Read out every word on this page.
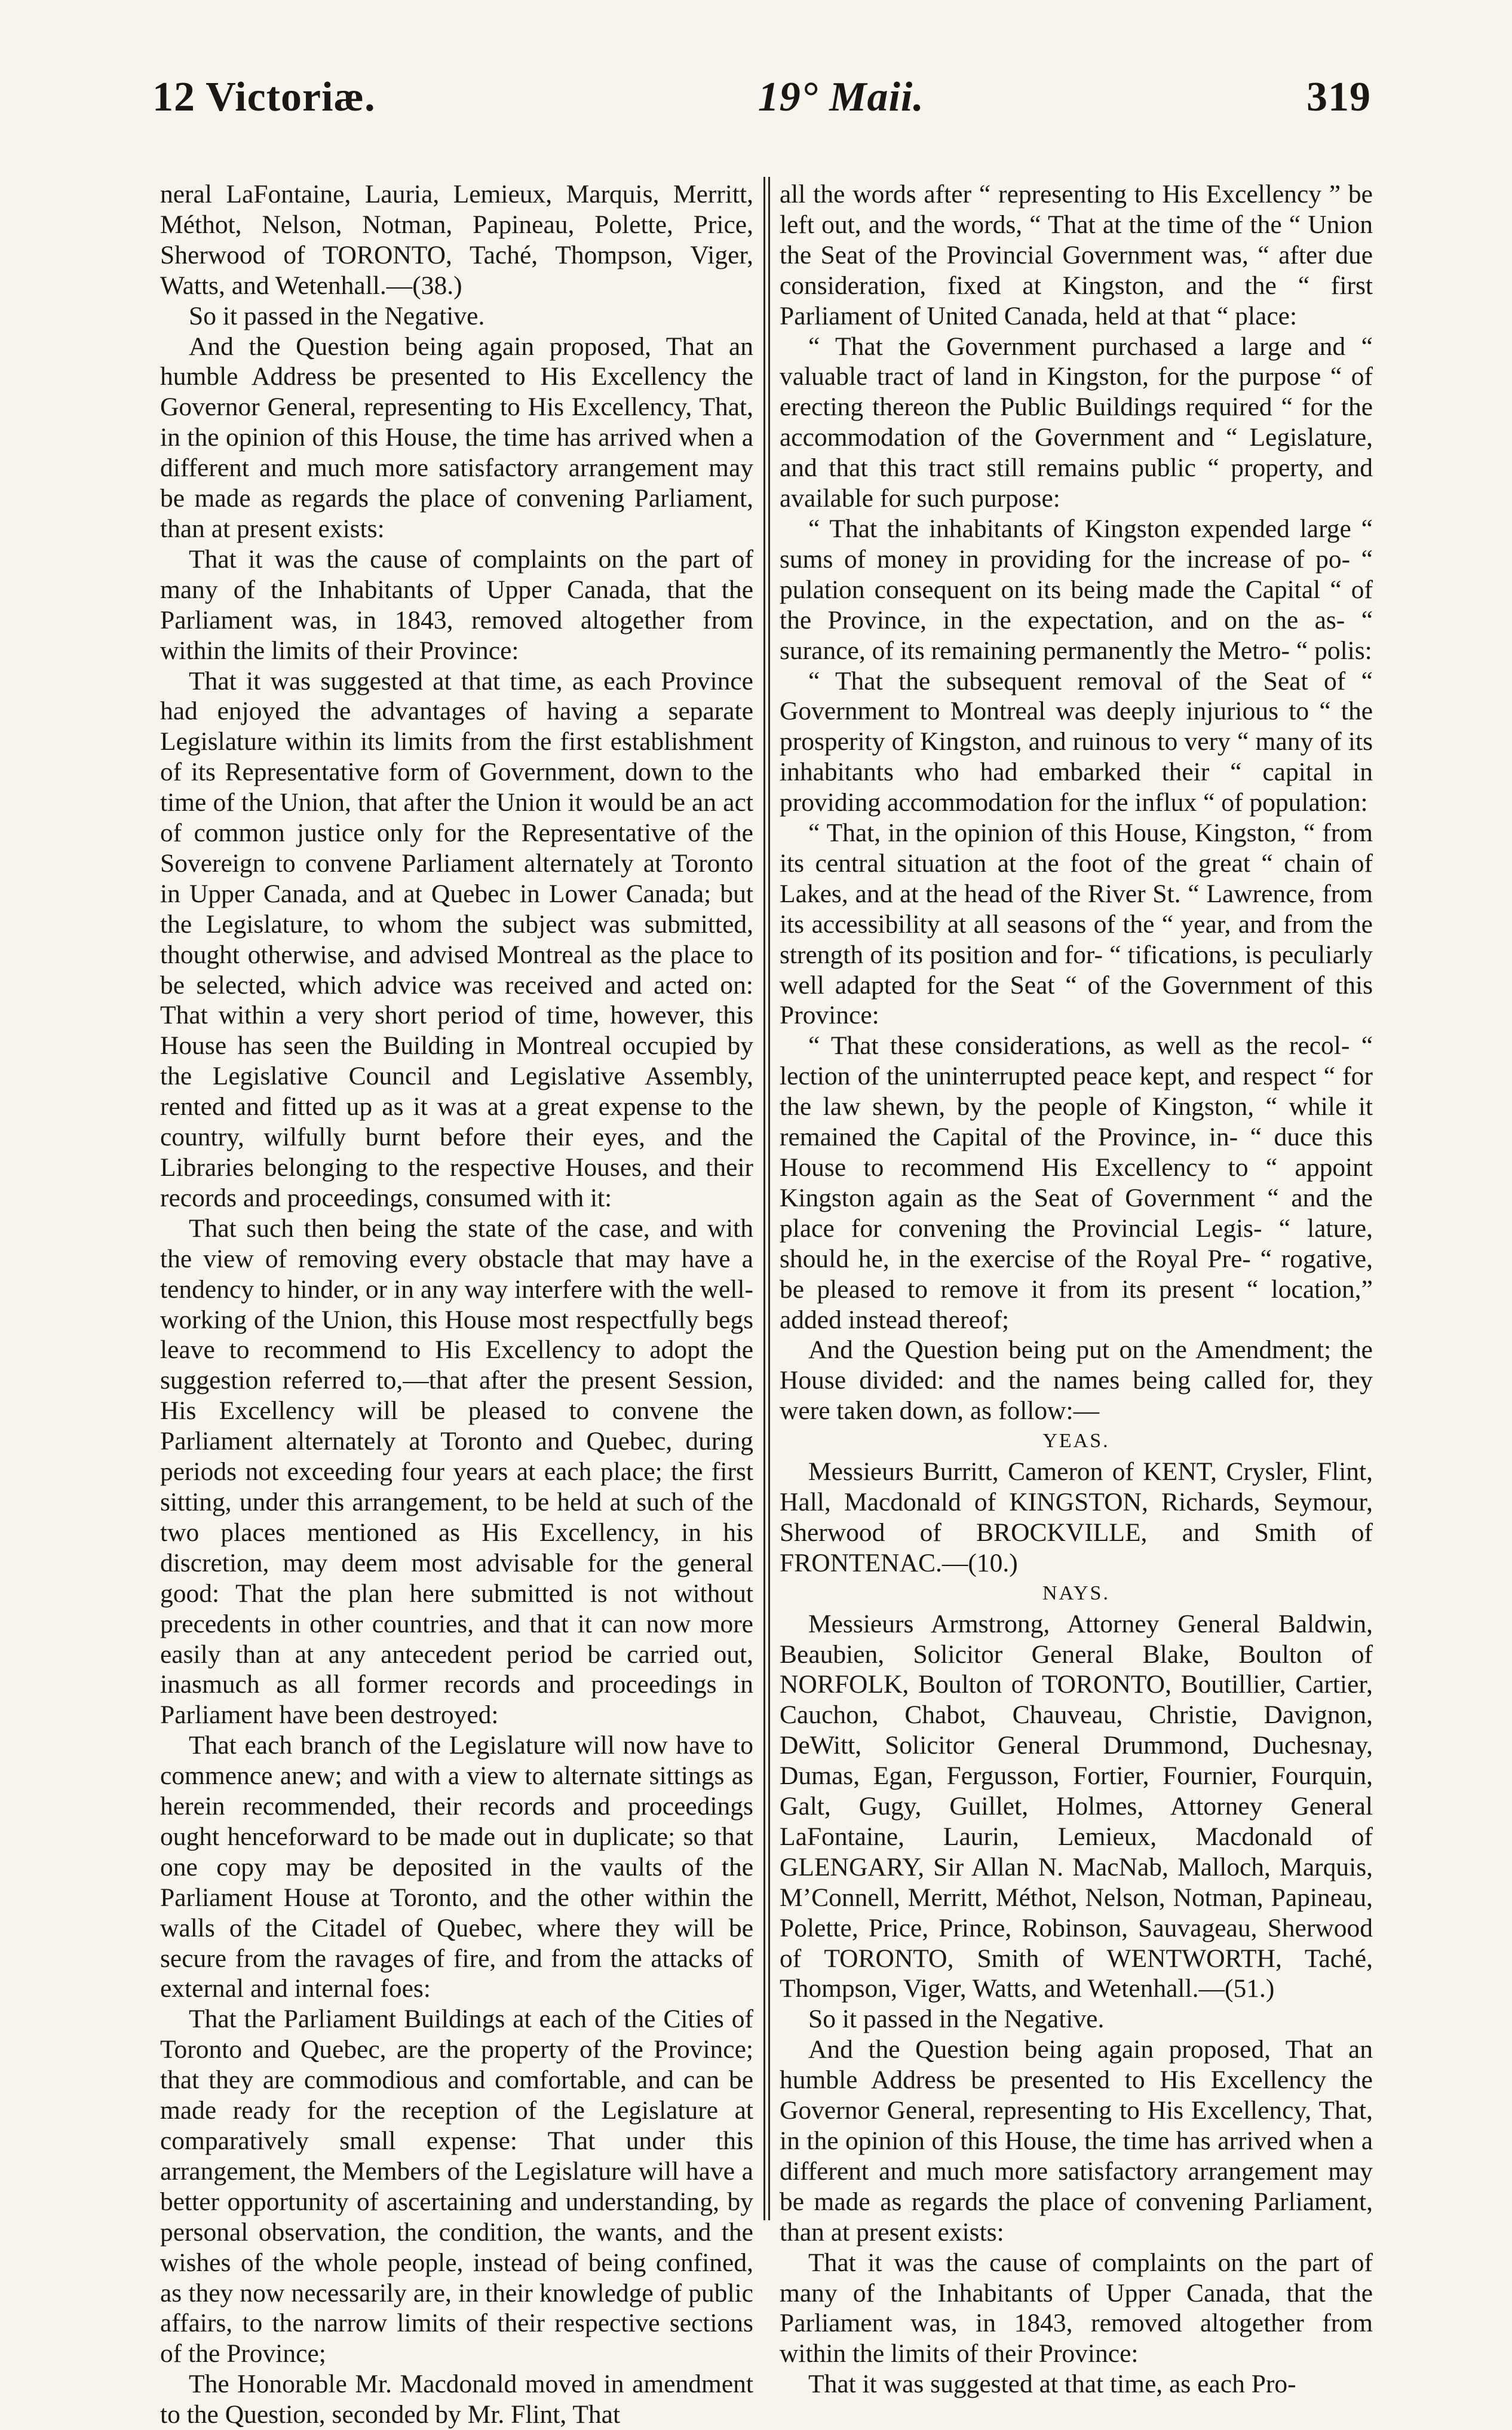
12 Victoriæ.	19° Maii.	319

neral LaFontaine, Lauria, Lemieux, Marquis, Merritt, Méthot, Nelson, Notman, Papineau, Polette, Price, Sherwood of TORONTO, Taché, Thompson, Viger, Watts, and Wetenhall.—(38.)

So it passed in the Negative.

And the Question being again proposed, That an humble Address be presented to His Excellency the Governor General, representing to His Excellency, That, in the opinion of this House, the time has arrived when a different and much more satisfactory arrangement may be made as regards the place of convening Parliament, than at present exists:

That it was the cause of complaints on the part of many of the Inhabitants of Upper Canada, that the Parliament was, in 1843, removed altogether from within the limits of their Province:

That it was suggested at that time, as each Province had enjoyed the advantages of having a separate Legislature within its limits from the first establishment of its Representative form of Government, down to the time of the Union, that after the Union it would be an act of common justice only for the Representative of the Sovereign to convene Parliament alternately at Toronto in Upper Canada, and at Quebec in Lower Canada; but the Legislature, to whom the subject was submitted, thought otherwise, and advised Montreal as the place to be selected, which advice was received and acted on: That within a very short period of time, however, this House has seen the Building in Montreal occupied by the Legislative Council and Legislative Assembly, rented and fitted up as it was at a great expense to the country, wilfully burnt before their eyes, and the Libraries belonging to the respective Houses, and their records and proceedings, consumed with it:

That such then being the state of the case, and with the view of removing every obstacle that may have a tendency to hinder, or in any way interfere with the well-working of the Union, this House most respectfully begs leave to recommend to His Excellency to adopt the suggestion referred to,—that after the present Session, His Excellency will be pleased to convene the Parliament alternately at Toronto and Quebec, during periods not exceeding four years at each place; the first sitting, under this arrangement, to be held at such of the two places mentioned as His Excellency, in his discretion, may deem most advisable for the general good: That the plan here submitted is not without precedents in other countries, and that it can now more easily than at any antecedent period be carried out, inasmuch as all former records and proceedings in Parliament have been destroyed:

That each branch of the Legislature will now have to commence anew; and with a view to alternate sittings as herein recommended, their records and proceedings ought henceforward to be made out in duplicate; so that one copy may be deposited in the vaults of the Parliament House at Toronto, and the other within the walls of the Citadel of Quebec, where they will be secure from the ravages of fire, and from the attacks of external and internal foes:

That the Parliament Buildings at each of the Cities of Toronto and Quebec, are the property of the Province; that they are commodious and comfortable, and can be made ready for the reception of the Legislature at comparatively small expense: That under this arrangement, the Members of the Legislature will have a better opportunity of ascertaining and understanding, by personal observation, the condition, the wants, and the wishes of the whole people, instead of being confined, as they now necessarily are, in their knowledge of public affairs, to the narrow limits of their respective sections of the Province;

The Honorable Mr. Macdonald moved in amendment to the Question, seconded by Mr. Flint, That

all the words after “ representing to His Excellency ” be left out, and the words, “ That at the time of the “ Union the Seat of the Provincial Government was, “ after due consideration, fixed at Kingston, and the “ first Parliament of United Canada, held at that “ place:

“ That the Government purchased a large and “ valuable tract of land in Kingston, for the purpose “ of erecting thereon the Public Buildings required “ for the accommodation of the Government and “ Legislature, and that this tract still remains public “ property, and available for such purpose:

“ That the inhabitants of Kingston expended large “ sums of money in providing for the increase of po- “ pulation consequent on its being made the Capital “ of the Province, in the expectation, and on the as- “ surance, of its remaining permanently the Metro- “ polis:

“ That the subsequent removal of the Seat of “ Government to Montreal was deeply injurious to “ the prosperity of Kingston, and ruinous to very “ many of its inhabitants who had embarked their “ capital in providing accommodation for the influx “ of population:

“ That, in the opinion of this House, Kingston, “ from its central situation at the foot of the great “ chain of Lakes, and at the head of the River St. “ Lawrence, from its accessibility at all seasons of the “ year, and from the strength of its position and for- “ tifications, is peculiarly well adapted for the Seat “ of the Government of this Province:

“ That these considerations, as well as the recol- “ lection of the uninterrupted peace kept, and respect “ for the law shewn, by the people of Kingston, “ while it remained the Capital of the Province, in- “ duce this House to recommend His Excellency to “ appoint Kingston again as the Seat of Government “ and the place for convening the Provincial Legis- “ lature, should he, in the exercise of the Royal Pre- “ rogative, be pleased to remove it from its present “ location,” added instead thereof;

And the Question being put on the Amendment; the House divided: and the names being called for, they were taken down, as follow:—

YEAS.

Messieurs Burritt, Cameron of KENT, Crysler, Flint, Hall, Macdonald of KINGSTON, Richards, Seymour, Sherwood of BROCKVILLE, and Smith of FRONTENAC.—(10.)

NAYS.

Messieurs Armstrong, Attorney General Baldwin, Beaubien, Solicitor General Blake, Boulton of NORFOLK, Boulton of TORONTO, Boutillier, Cartier, Cauchon, Chabot, Chauveau, Christie, Davignon, DeWitt, Solicitor General Drummond, Duchesnay, Dumas, Egan, Fergusson, Fortier, Fournier, Fourquin, Galt, Gugy, Guillet, Holmes, Attorney General LaFontaine, Laurin, Lemieux, Macdonald of GLENGARY, Sir Allan N. MacNab, Malloch, Marquis, M’Connell, Merritt, Méthot, Nelson, Notman, Papineau, Polette, Price, Prince, Robinson, Sauvageau, Sherwood of TORONTO, Smith of WENTWORTH, Taché, Thompson, Viger, Watts, and Wetenhall.—(51.)

So it passed in the Negative.

And the Question being again proposed, That an humble Address be presented to His Excellency the Governor General, representing to His Excellency, That, in the opinion of this House, the time has arrived when a different and much more satisfactory arrangement may be made as regards the place of convening Parliament, than at present exists:

That it was the cause of complaints on the part of many of the Inhabitants of Upper Canada, that the Parliament was, in 1843, removed altogether from within the limits of their Province:

That it was suggested at that time, as each Pro-
